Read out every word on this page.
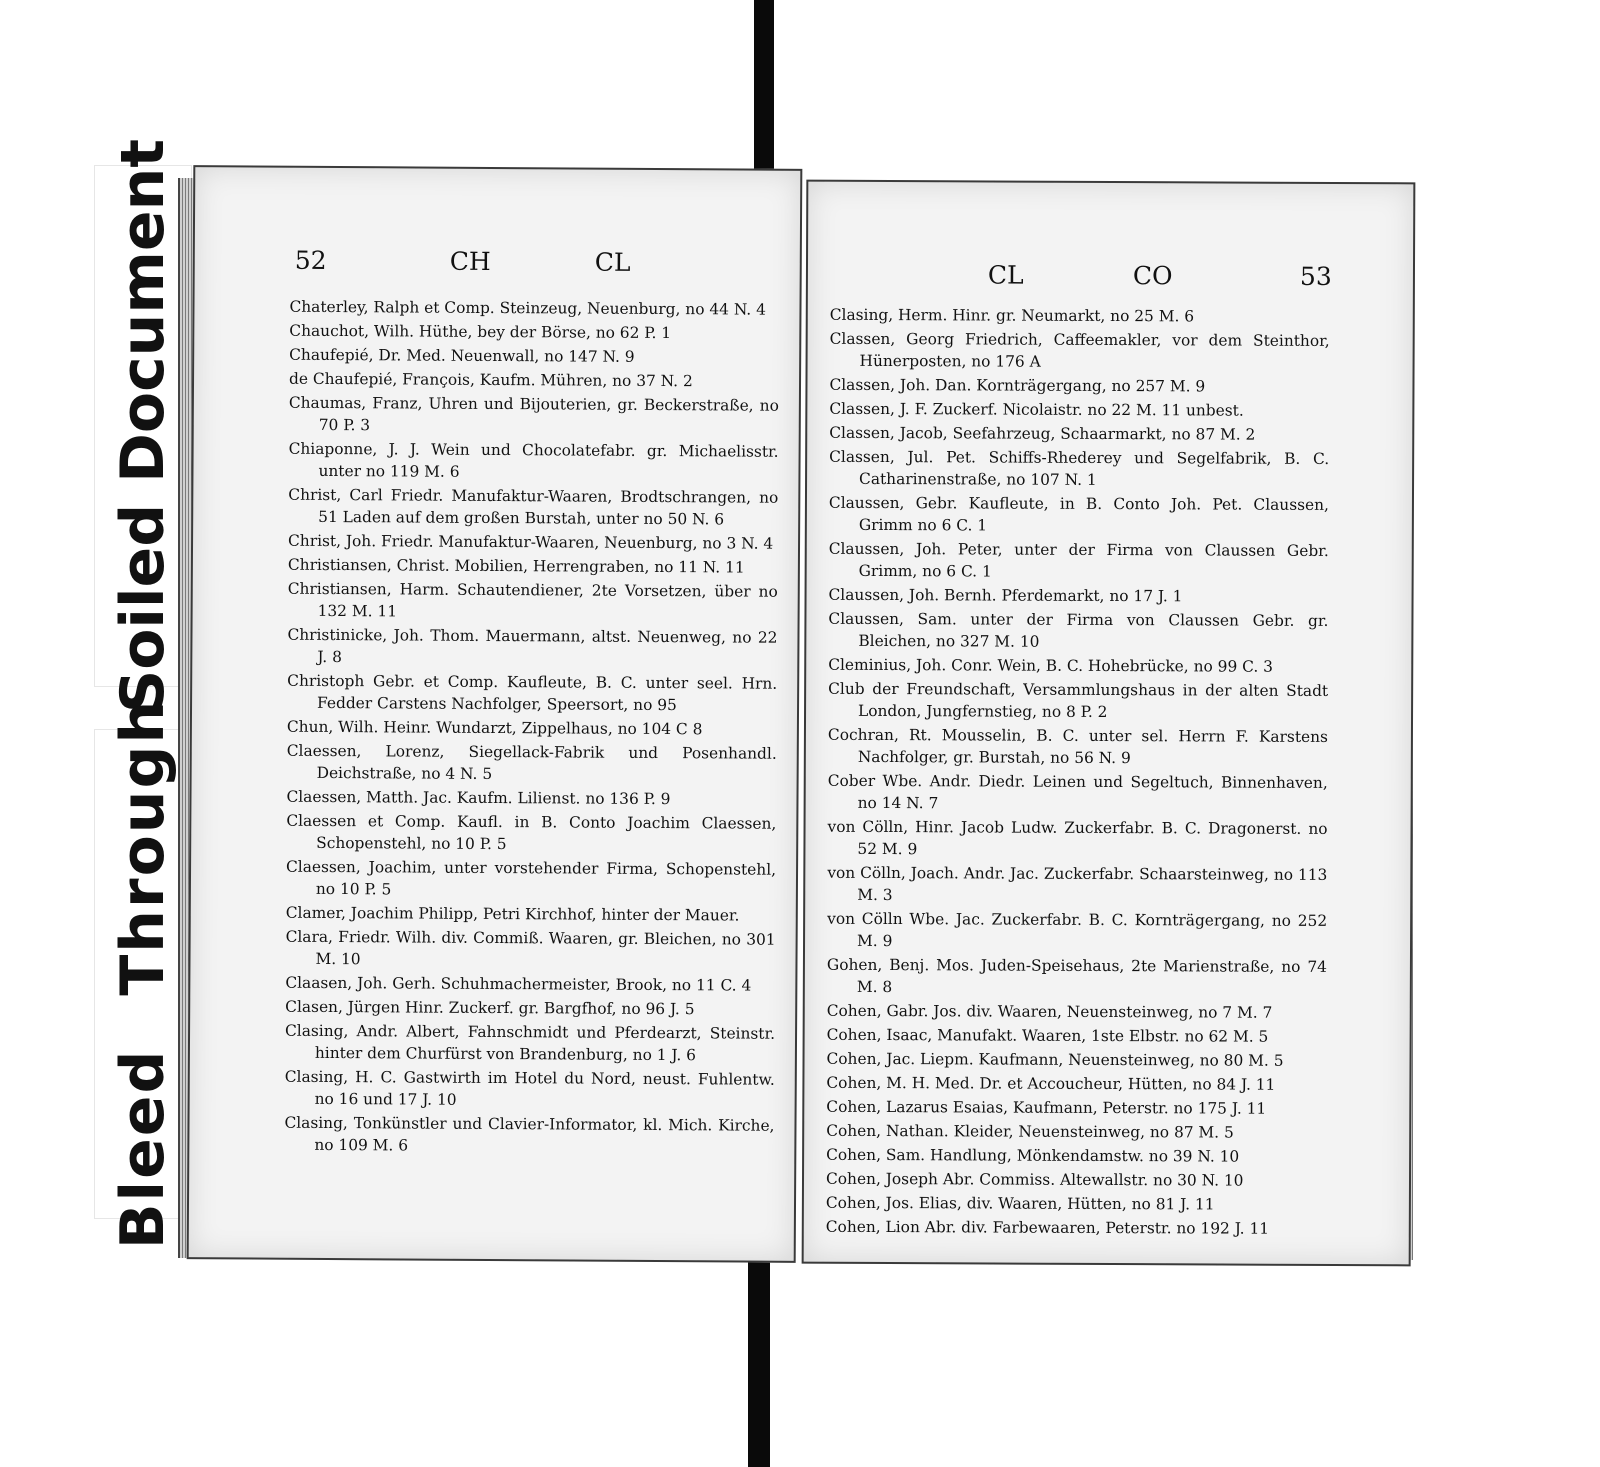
Soiled Document
Bleed Through
52	CH	CL

Chaterley, Ralph et Comp. Steinzeug, Neuenburg, no 44 N. 4

Chauchot, Wilh. Hüthe, bey der Börse, no 62 P. 1

Chaufepié, Dr. Med. Neuenwall, no 147 N. 9

de Chaufepié, François, Kaufm. Mühren, no 37 N. 2

Chaumas, Franz, Uhren und Bijouterien, gr. Beckerstraße, no 70 P. 3

Chiaponne, J. J. Wein und Chocolatefabr. gr. Michaelisstr. unter no 119 M. 6

Christ, Carl Friedr. Manufaktur-Waaren, Brodtschrangen, no 51 Laden auf dem großen Burstah, unter no 50 N. 6

Christ, Joh. Friedr. Manufaktur-Waaren, Neuenburg, no 3 N. 4

Christiansen, Christ. Mobilien, Herrengraben, no 11 N. 11

Christiansen, Harm. Schautendiener, 2te Vorsetzen, über no 132 M. 11

Christinicke, Joh. Thom. Mauermann, altst. Neuenweg, no 22 J. 8

Christoph Gebr. et Comp. Kaufleute, B. C. unter seel. Hrn. Fedder Carstens Nachfolger, Speersort, no 95

Chun, Wilh. Heinr. Wundarzt, Zippelhaus, no 104 C 8

Claessen, Lorenz, Siegellack-Fabrik und Posenhandl. Deichstraße, no 4 N. 5

Claessen, Matth. Jac. Kaufm. Lilienst. no 136 P. 9

Claessen et Comp. Kaufl. in B. Conto Joachim Claessen, Schopenstehl, no 10 P. 5

Claessen, Joachim, unter vorstehender Firma, Schopenstehl, no 10 P. 5

Clamer, Joachim Philipp, Petri Kirchhof, hinter der Mauer.

Clara, Friedr. Wilh. div. Commiß. Waaren, gr. Bleichen, no 301 M. 10

Claasen, Joh. Gerh. Schuhmachermeister, Brook, no 11 C. 4

Clasen, Jürgen Hinr. Zuckerf. gr. Bargfhof, no 96 J. 5

Clasing, Andr. Albert, Fahnschmidt und Pferdearzt, Steinstr. hinter dem Churfürst von Brandenburg, no 1 J. 6

Clasing, H. C. Gastwirth im Hotel du Nord, neust. Fuhlentw. no 16 und 17 J. 10

Clasing, Tonkünstler und Clavier-Informator, kl. Mich. Kirche, no 109 M. 6

CL	CO	53

Clasing, Herm. Hinr. gr. Neumarkt, no 25 M. 6

Classen, Georg Friedrich, Caffeemakler, vor dem Steinthor, Hünerposten, no 176 A

Classen, Joh. Dan. Kornträgergang, no 257 M. 9

Classen, J. F. Zuckerf. Nicolaistr. no 22 M. 11 unbest.

Classen, Jacob, Seefahrzeug, Schaarmarkt, no 87 M. 2

Classen, Jul. Pet. Schiffs-Rhederey und Segelfabrik, B. C. Catharinenstraße, no 107 N. 1

Claussen, Gebr. Kaufleute, in B. Conto Joh. Pet. Claussen, Grimm no 6 C. 1

Claussen, Joh. Peter, unter der Firma von Claussen Gebr. Grimm, no 6 C. 1

Claussen, Joh. Bernh. Pferdemarkt, no 17 J. 1

Claussen, Sam. unter der Firma von Claussen Gebr. gr. Bleichen, no 327 M. 10

Cleminius, Joh. Conr. Wein, B. C. Hohebrücke, no 99 C. 3

Club der Freundschaft, Versammlungshaus in der alten Stadt London, Jungfernstieg, no 8 P. 2

Cochran, Rt. Mousselin, B. C. unter sel. Herrn F. Karstens Nachfolger, gr. Burstah, no 56 N. 9

Cober Wbe. Andr. Diedr. Leinen und Segeltuch, Binnenhaven, no 14 N. 7

von Cölln, Hinr. Jacob Ludw. Zuckerfabr. B. C. Dragonerst. no 52 M. 9

von Cölln, Joach. Andr. Jac. Zuckerfabr. Schaarsteinweg, no 113 M. 3

von Cölln Wbe. Jac. Zuckerfabr. B. C. Kornträgergang, no 252 M. 9

Gohen, Benj. Mos. Juden-Speisehaus, 2te Marienstraße, no 74 M. 8

Cohen, Gabr. Jos. div. Waaren, Neuensteinweg, no 7 M. 7

Cohen, Isaac, Manufakt. Waaren, 1ste Elbstr. no 62 M. 5

Cohen, Jac. Liepm. Kaufmann, Neuensteinweg, no 80 M. 5

Cohen, M. H. Med. Dr. et Accoucheur, Hütten, no 84 J. 11

Cohen, Lazarus Esaias, Kaufmann, Peterstr. no 175 J. 11

Cohen, Nathan. Kleider, Neuensteinweg, no 87 M. 5

Cohen, Sam. Handlung, Mönkendamstw. no 39 N. 10

Cohen, Joseph Abr. Commiss. Altewallstr. no 30 N. 10

Cohen, Jos. Elias, div. Waaren, Hütten, no 81 J. 11

Cohen, Lion Abr. div. Farbewaaren, Peterstr. no 192 J. 11
